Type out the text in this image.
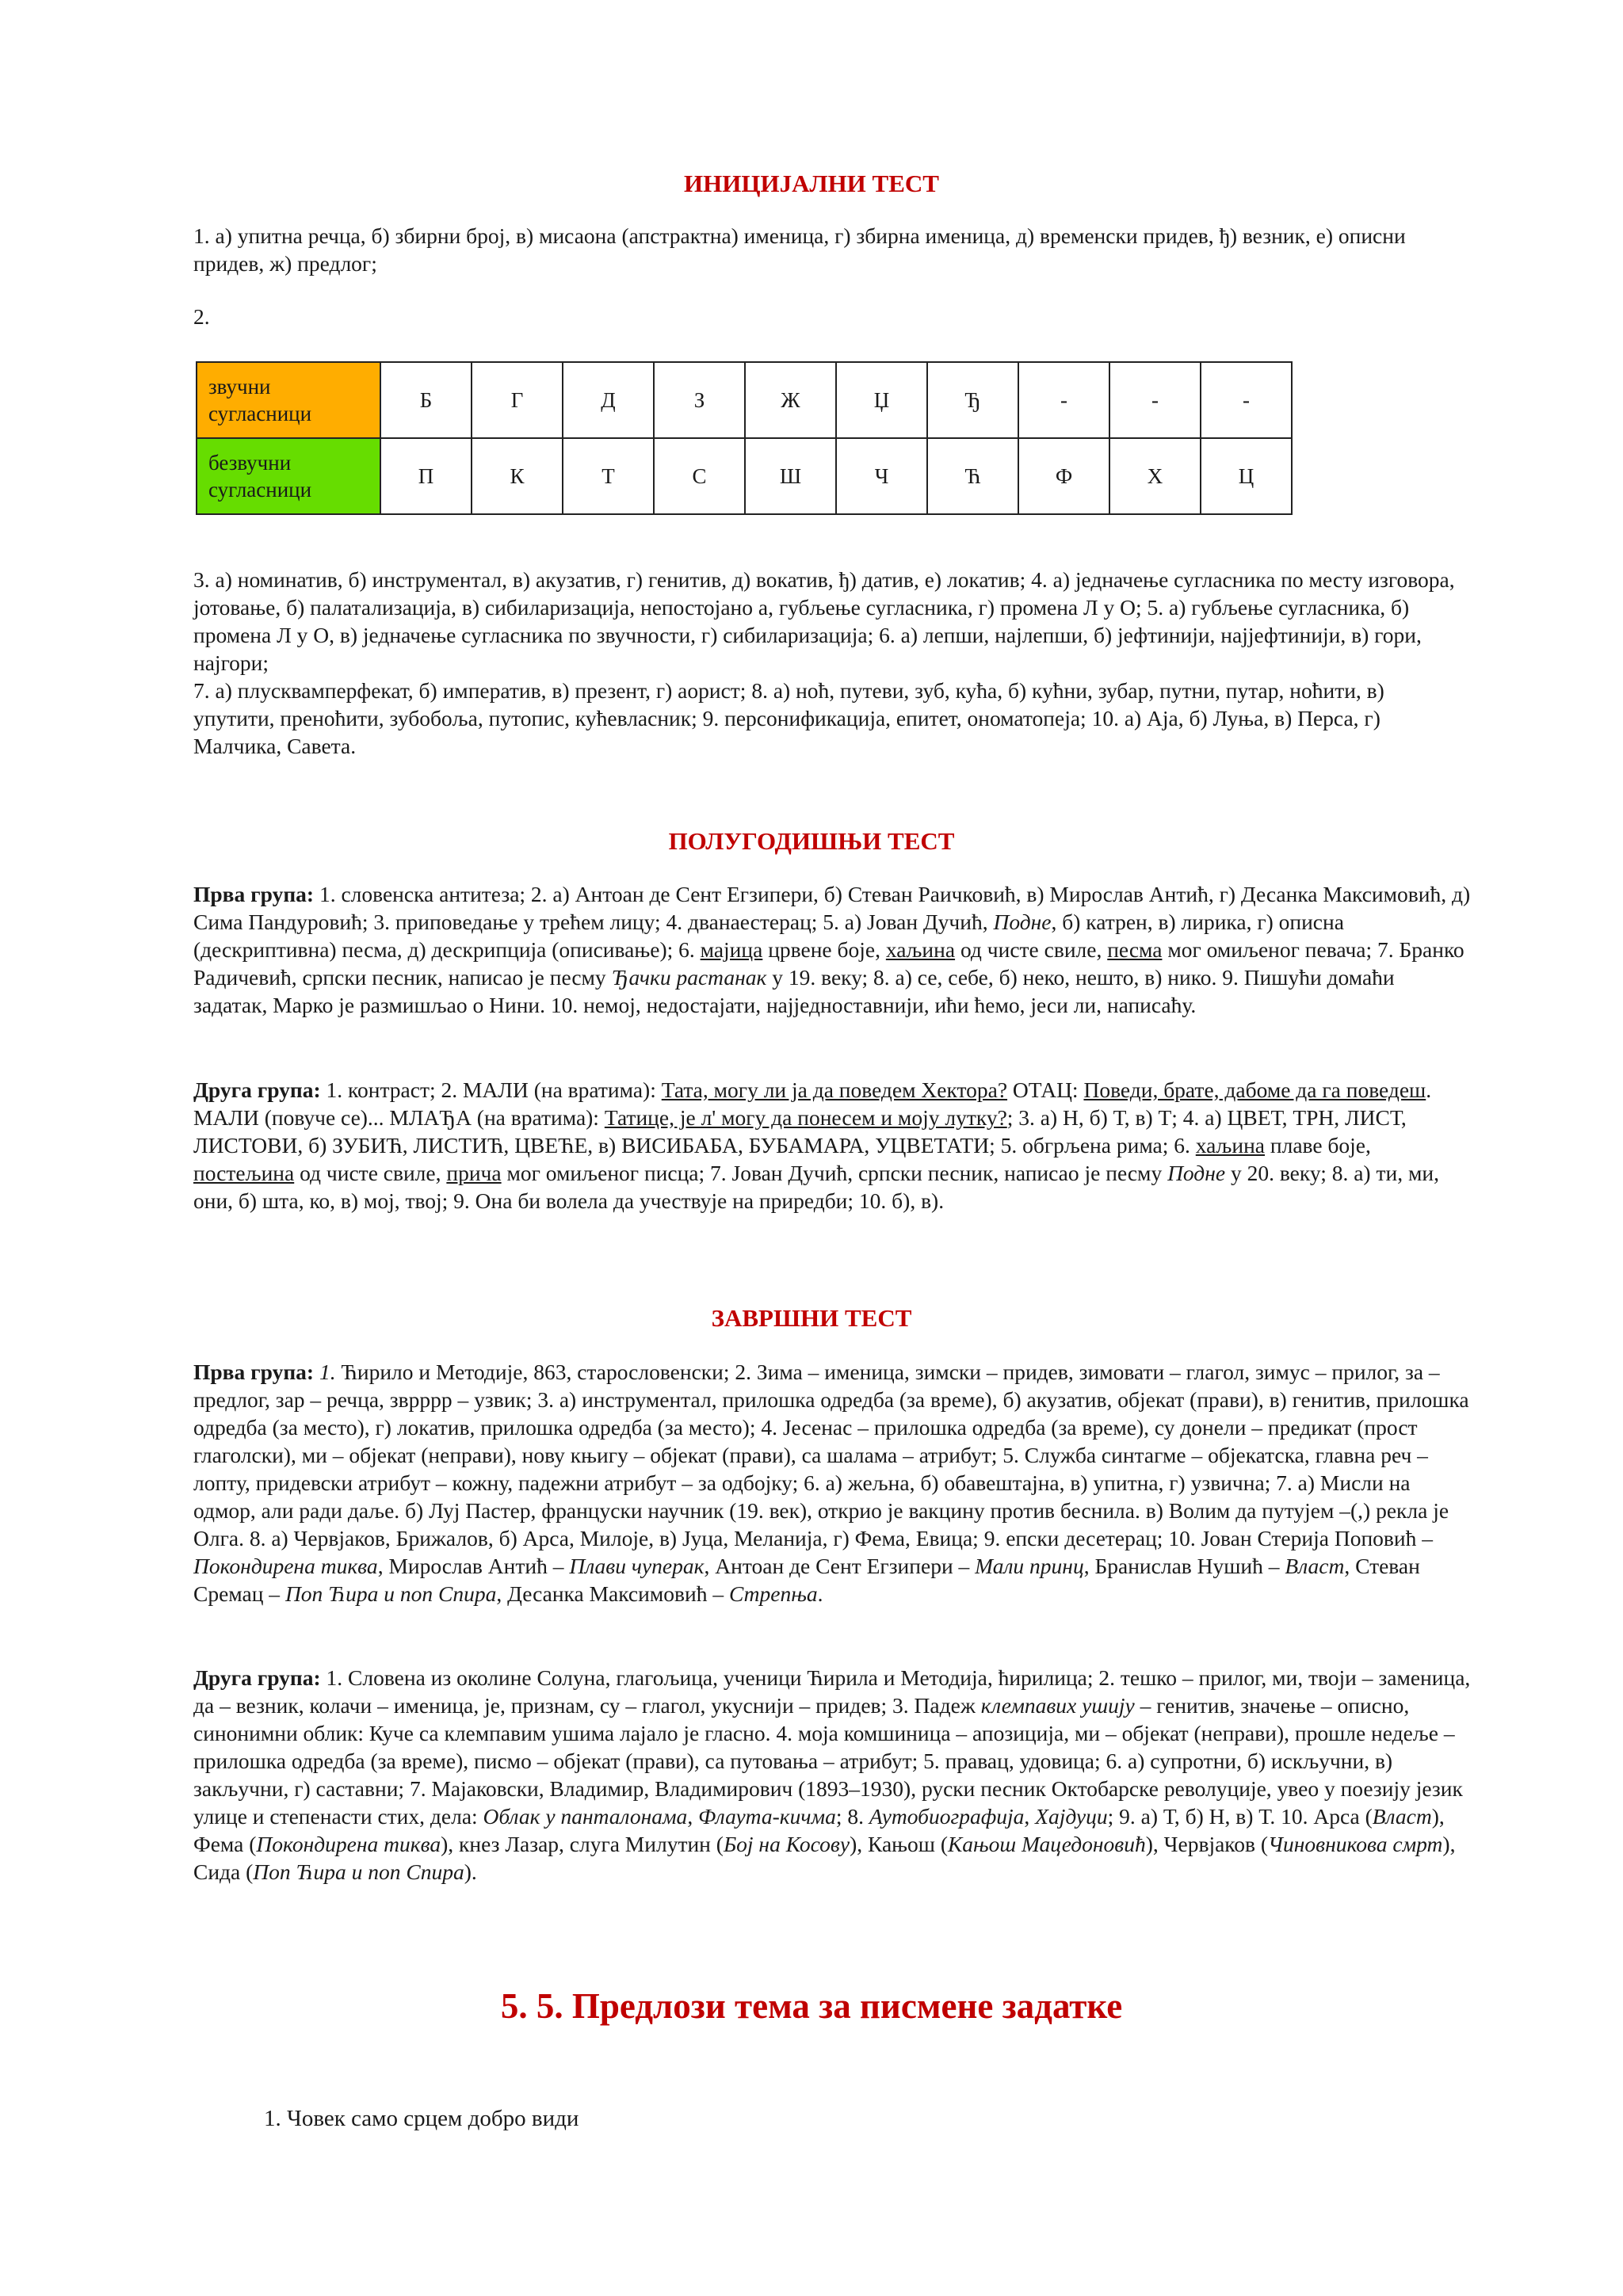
ИНИЦИЈАЛНИ ТЕСТ

1. а) упитна речца, б) збирни број, в) мисаона (апстрактна) именица, г) збирна именица, д) временски придев, ђ) везник, е) описни придев, ж) предлог;

2.

звучни сугласници	Б	Г	Д	З	Ж	Џ	Ђ	-	-	-
безвучни сугласници	П	К	Т	С	Ш	Ч	Ћ	Ф	Х	Ц
3. а) номинатив, б) инструментал, в) акузатив, г) генитив, д) вокатив, ђ) датив, е) локатив; 4. а) једначење сугласника по месту изговора, јотовање, б) палатализација, в) сибиларизација, непостојано а, губљење сугласника, г) промена Л у О; 5. а) губљење сугласника, б) промена Л у О, в) једначење сугласника по звучности, г) сибиларизација; 6. а) лепши, најлепши, б) јефтинији, најјефтинији, в) гори, најгори;
7. а) плусквамперфекат, б) императив, в) презент, г) аорист; 8. а) ноћ, путеви, зуб, кућа, б) кућни, зубар, путни, путар, ноћити, в) упутити, преноћити, зубобоља, путопис, кућевласник; 9. персонификација, епитет, ономатопеја; 10. а) Аја, б) Луња, в) Перса, г) Малчика, Савета.
ПОЛУГОДИШЊИ ТЕСТ

Прва група: 1. словенска антитеза; 2. а) Антоан де Сент Егзипери, б) Стеван Раичковић, в) Мирослав Антић, г) Десанка Максимовић, д) Сима Пандуровић; 3. приповедање у трећем лицу; 4. дванаестерац; 5. а) Јован Дучић, Подне, б) катрен, в) лирика, г) описна (дескриптивна) песма, д) дескрипција (описивање); 6. мајица црвене боје, хаљина од чисте свиле, песма мог омиљеног певача; 7. Бранко Радичевић, српски песник, написао је песму Ђачки растанак у 19. веку; 8. а) се, себе, б) неко, нешто, в) нико. 9. Пишући домаћи задатак, Марко је размишљао о Нини. 10. немој, недостајати, најједноставнији, ићи ћемо, јеси ли, написаћу.

Друга група: 1. контраст; 2. МАЛИ (на вратима): Тата, могу ли ја да поведем Хектора? ОТАЦ: Поведи, брате, дабоме да га поведеш. МАЛИ (повуче се)... МЛАЂА (на вратима): Татице, је л' могу да понесем и моју лутку?; 3. а) Н, б) Т, в) Т; 4. а) ЦВЕТ, ТРН, ЛИСТ, ЛИСТОВИ, б) ЗУБИЋ, ЛИСТИЋ, ЦВЕЋЕ, в) ВИСИБАБА, БУБАМАРА, УЦВЕТАТИ; 5. обгрљена рима; 6. хаљина плаве боје, постељина од чисте свиле, прича мог омиљеног писца; 7. Јован Дучић, српски песник, написао је песму Подне у 20. веку; 8. а) ти, ми, они, б) шта, ко, в) мој, твој; 9. Она би волела да учествује на приредби; 10. б), в).

ЗАВРШНИ ТЕСТ

Прва група: 1. Ћирило и Методије, 863, старословенски; 2. Зима – именица, зимски – придев, зимовати – глагол, зимус – прилог, за – предлог, зар – речца, зврррр – узвик; 3. а) инструментал, прилошка одредба (за време), б) акузатив, објекат (прави), в) генитив, прилошка одредба (за место), г) локатив, прилошка одредба (за место); 4. Јесенас – прилошка одредба (за време), су донели – предикат (прост глаголски), ми – објекат (неправи), нову књигу – објекат (прави), са шалама – атрибут; 5. Служба синтагме – објекатска, главна реч – лопту, придевски атрибут – кожну, падежни атрибут – за одбојку; 6. а) жељна, б) обавештајна, в) упитна, г) узвична; 7. а) Мисли на одмор, али ради даље. б) Луј Пастер, француски научник (19. век), открио је вакцину против беснила. в) Волим да путујем –(,) рекла је Олга. 8. а) Червјаков, Брижалов, б) Арса, Милоје, в) Јуца, Меланија, г) Фема, Евица; 9. епски десетерац; 10. Јован Стерија Поповић – Покондирена тиква, Мирослав Антић – Плави чуперак, Антоан де Сент Егзипери – Мали принц, Бранислав Нушић – Власт, Стеван Сремац – Поп Ћира и поп Спира, Десанка Максимовић – Стрепња.

Друга група: 1. Словена из околине Солуна, глагољица, ученици Ћирила и Методија, ћирилица; 2. тешко – прилог, ми, твоји – заменица, да – везник, колачи – именица, је, признам, су – глагол, укуснији – придев; 3. Падеж клемпавих ушију – генитив, значење – описно, синонимни облик: Куче са клемпавим ушима лајало је гласно. 4. моја комшиница – апозиција, ми – објекат (неправи), прошле недеље – прилошка одредба (за време), писмо – објекат (прави), са путовања – атрибут; 5. правац, удовица; 6. а) супротни, б) искључни, в) закључни, г) саставни; 7. Мајаковски, Владимир, Владимирович (1893–1930), руски песник Октобарске револуције, увео у поезију језик улице и степенасти стих, дела: Облак у панталонама, Флаута-кичма; 8. Аутобиографија, Хајдуци; 9. а) Т, б) Н, в) Т. 10. Арса (Власт), Фема (Покондирена тиква), кнез Лазар, слуга Милутин (Бој на Косову), Кањош (Кањош Мацедоновић), Червјаков (Чиновникова смрт), Сида (Поп Ћира и поп Спира).

5. 5. Предлози тема за писмене задатке
1. Човек само срцем добро види
